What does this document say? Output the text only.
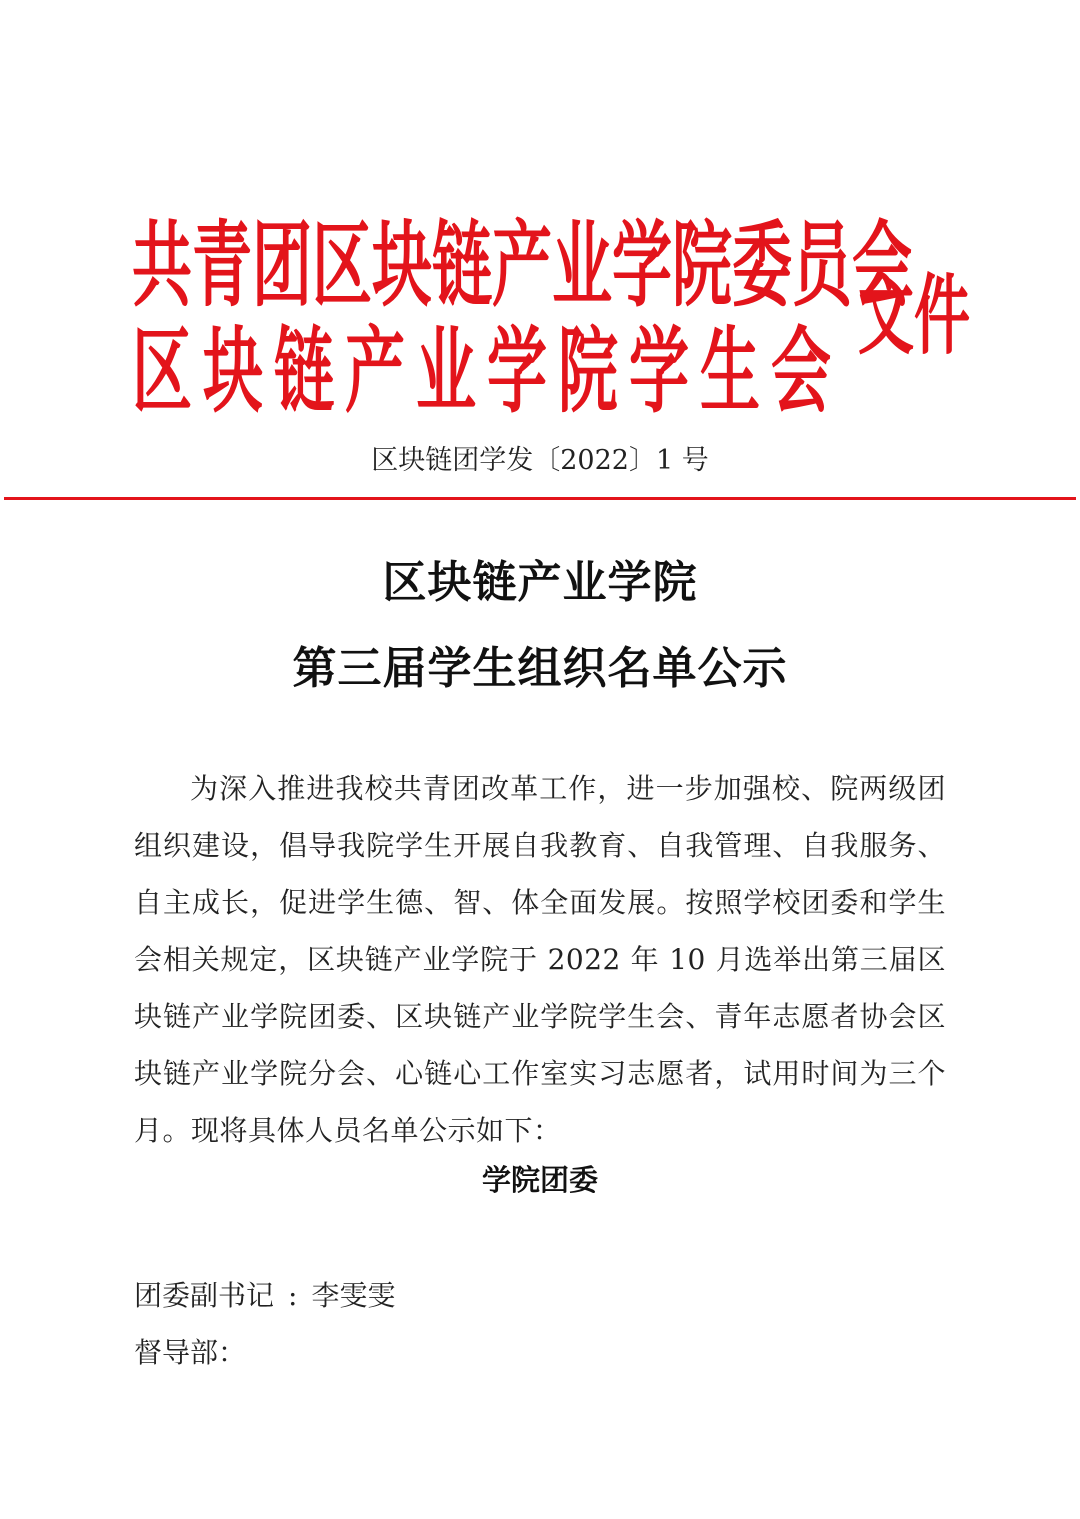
共青团区块链产业学院委员会
区块链产业学院学生会
文件
区块链团学发〔2022〕1 号
区块链产业学院
第三届学生组织名单公示
为深入推进我校共青团改革工作，进一步加强校、院两级团组织建设，倡导我院学生开展自我教育、自我管理、自我服务、自主成长，促进学生德、智、体全面发展。按照学校团委和学生会相关规定，区块链产业学院于 2022 年 10 月选举出第三届区块链产业学院团委、区块链产业学院学生会、青年志愿者协会区块链产业学院分会、心链心工作室实习志愿者，试用时间为三个月。现将具体人员名单公示如下：
学院团委
团委副书记 : 李雯雯
督导部：
